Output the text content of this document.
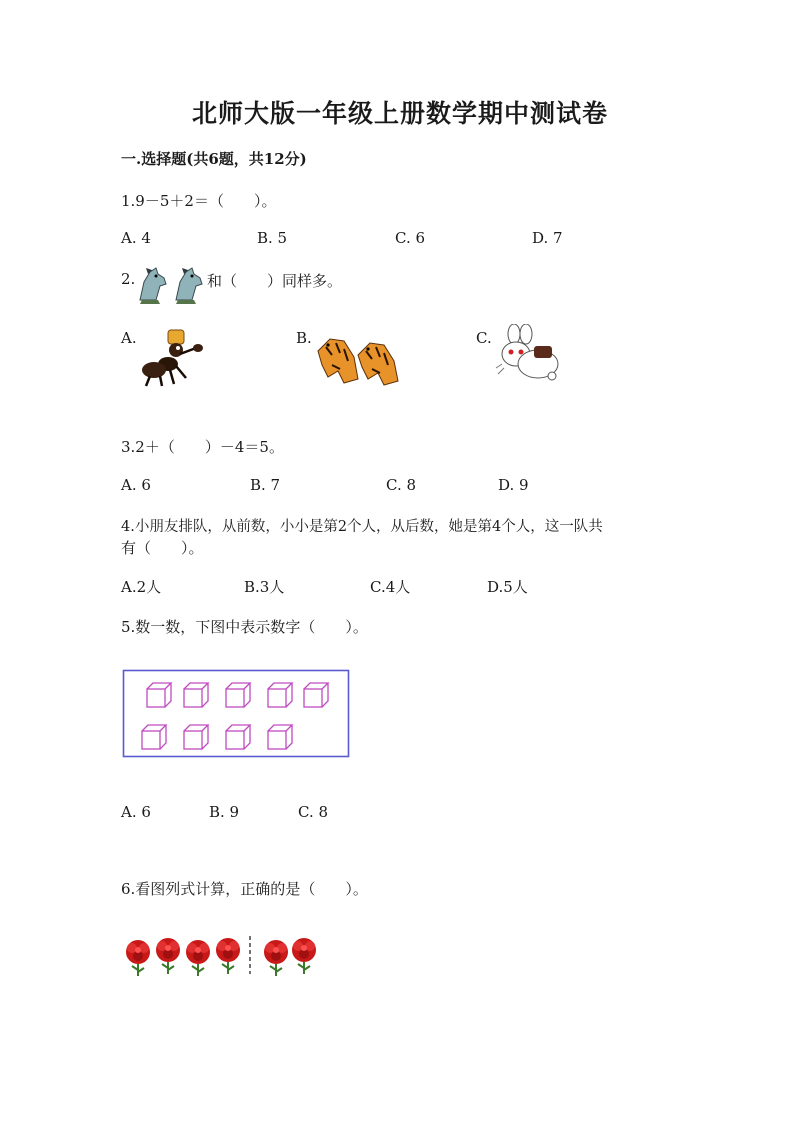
北师大版一年级上册数学期中测试卷
一.选择题(共6题，共12分)
1.9－5＋2＝（　　）。
A. 4	B. 5	C. 6	D. 7
2.	和（　　）同样多。
A.	B.	C.
3.2＋（　　）－4＝5。
A. 6	B. 7	C. 8	D. 9
4.小朋友排队，从前数，小小是第2个人，从后数，她是第4个人，这一队共
有（　　）。
A.2人	B.3人	C.4人	D.5人
5.数一数，下图中表示数字（　　）。
A. 6	B. 9	C. 8
6.看图列式计算，正确的是（　　）。
